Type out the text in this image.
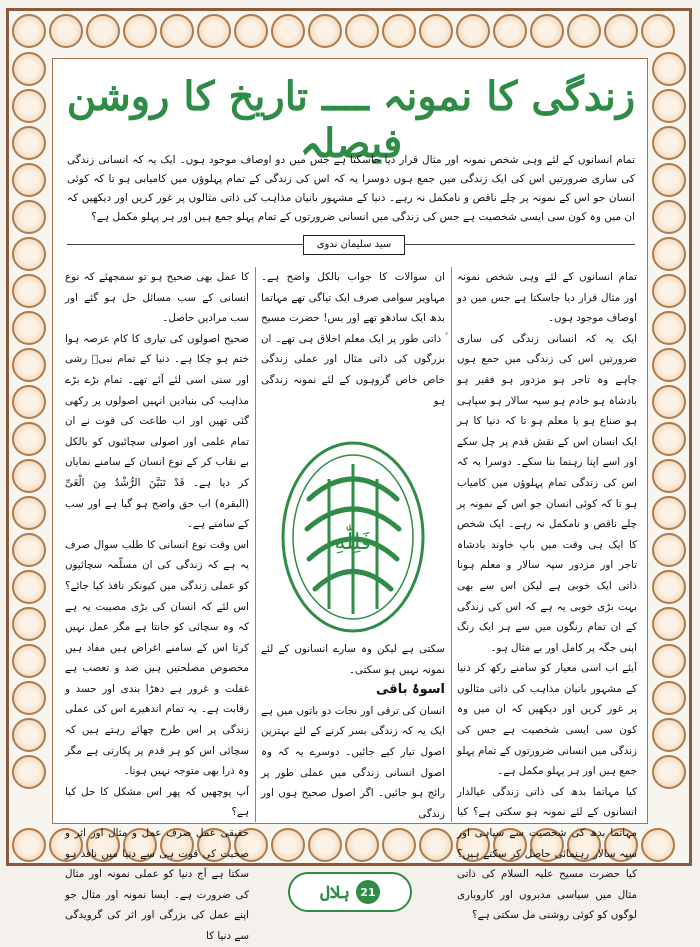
زندگی کا نمونہ ــــ تاریخ کا روشن فیصلہ
تمام انسانوں کے لئے وہی شخص نمونہ اور مثال قرار دیا جاسکتا ہے جس میں دو اوصاف موجود ہوں۔ ایک یہ کہ انسانی زندگی کی ساری ضرورتیں اس کی ایک زندگی میں جمع ہوں دوسرا یہ کہ اس کی زندگی کے تمام پہلوؤں میں کامیابی ہو تا کہ کوئی انسان جو اس کے نمونہ پر چلے ناقص و نامکمل نہ رہے۔ دنیا کے مشہور بانیان مذاہب کی ذاتی مثالوں پر غور کریں اور دیکھیں کہ ان میں وہ کون سی ایسی شخصیت ہے جس کی زندگی میں انسانی ضرورتوں کے تمام پہلو جمع ہیں اور ہر پہلو مکمل ہے؟
سید سلیمان ندوی

تمام انسانوں کے لئے وہی شخص نمونہ اور مثال قرار دیا جاسکتا ہے جس میں دو اوصاف موجود ہوں۔

ایک یہ کہ انسانی زندگی کی ساری ضرورتیں اس کی زندگی میں جمع ہوں چاہے وہ تاجر ہو مزدور ہو فقیر ہو بادشاہ ہو خادم ہو سپہ سالار ہو سپاہی ہو صناع ہو یا معلم ہو تا کہ دنیا کا ہر ایک انسان اس کے نقش قدم پر چل سکے اور اسے اپنا رہنما بنا سکے۔ دوسرا یہ کہ اس کی زندگی تمام پہلوؤں میں کامیاب ہو تا کہ کوئی انسان جو اس کے نمونہ پر چلے ناقص و نامکمل نہ رہے۔ ایک شخص کا ایک ہی وقت میں باپ خاوند بادشاہ تاجر اور مزدور سپہ سالار و معلم ہونا ذاتی ایک خوبی ہے لیکن اس سے بھی بہت بڑی خوبی یہ ہے کہ اس کی زندگی کے ان تمام رنگوں میں سے ہر ایک رنگ اپنی جگہ پر کامل اور بے مثال ہو۔

آیئے اب اسی معیار کو سامنے رکھ کر دنیا کے مشہور بانیان مذاہب کی ذاتی مثالوں پر غور کریں اور دیکھیں کہ ان میں وہ کون سی ایسی شخصیت ہے جس کی زندگی میں انسانی ضرورتوں کے تمام پہلو جمع ہیں اور ہر پہلو مکمل ہے۔

کیا مہاتما بدھ کی ذاتی زندگی عیالدار انسانوں کے لئے نمونہ ہو سکتی ہے؟ کیا مہاتما بدھ کی شخصیت سے سپاہی اور سپہ سالار رہنمائی حاصل کر سکتے ہیں؟ کیا حضرت مسیح علیہ السلام کی ذاتی مثال میں سیاسی مدبروں اور کاروباری لوگوں کو کوئی روشنی مل سکتی ہے؟

ان سوالات کا جواب بالکل واضح ہے۔ مہاویر سوامی صرف ایک تیاگی تھے مہاتما بدھ ایک سادھو تھے اور بس! حضرت مسیح ؑ ذاتی طور پر ایک معلم اخلاق ہی تھے۔ ان بزرگوں کی ذاتی مثال اور عملی زندگی خاص خاص گروہوں کے لئے نمونہ زندگی ہو

فَلِلّٰهِ

سکتی ہے لیکن وہ سارے انسانوں کے لئے نمونہ نہیں ہو سکتی۔

اسوۂ باقی

انسان کی ترقی اور نجات دو باتوں میں ہے ایک یہ کہ زندگی بسر کرنے کے لئے بہترین اصول تیار کیے جائیں۔ دوسرے یہ کہ وہ اصول انسانی زندگی میں عملی طور پر رائج ہو جائیں۔ اگر اصول صحیح ہوں اور زندگی

کا عمل بھی صحیح ہو تو سمجھئے کہ نوع انسانی کے سب مسائل حل ہو گئے اور سب مرادیں حاصل۔

صحیح اصولوں کی تیاری کا کام عرصہ ہوا ختم ہو چکا ہے۔ دنیا کے تمام نبیؐ رشی اور سنی اسی لئے آئے تھے۔ تمام بڑے بڑے مذاہب کی بنیادیں انہیں اصولوں پر رکھی گئی تھیں اور اب طاعت کی قوت نے ان تمام علمی اور اصولی سچائیوں کو بالکل بے نقاب کر کے نوع انسان کے سامنے نمایاں کر دیا ہے۔ قَدْ تَبَیَّنَ الرُّشْدُ مِنَ الْغَیِّ (البقرہ) اب حق واضح ہو گیا ہے اور سب کے سامنے ہے۔

اس وقت نوع انسانی کا طلب سوال صرف یہ ہے کہ زندگی کی ان مسلّمہ سچائیوں کو عملی زندگی میں کیونکر نافذ کیا جائے؟ اس لئے کہ انسان کی بڑی مصیبت یہ ہے کہ وہ سچائی کو جانتا ہے مگر عمل نہیں کرتا اس کے سامنے اغراض ہیں مفاد ہیں مخصوص مصلحتیں ہیں ضد و تعصب ہے غفلت و غرور ہے دھڑا بندی اور حسد و رقابت ہے۔ یہ تمام اندھیرے اس کی عملی زندگی پر اس طرح چھائے رہتے ہیں کہ سچائی اس کو ہر قدم پر پکارتی ہے مگر وہ ذرا بھی متوجہ نہیں ہوتا۔

آپ پوچھیں کہ پھر اس مشکل کا حل کیا ہے؟

حقیقی عمل صرف عمل و مثال اور اثر و صحبت کی قوت ہی سے دنیا میں نافذ ہو سکتا ہے آج دنیا کو عملی نمونہ اور مثال کی ضرورت ہے۔ ایسا نمونہ اور مثال جو اپنے عمل کی بزرگی اور اثر کی گرویدگی سے دنیا کا

ہلال 21
